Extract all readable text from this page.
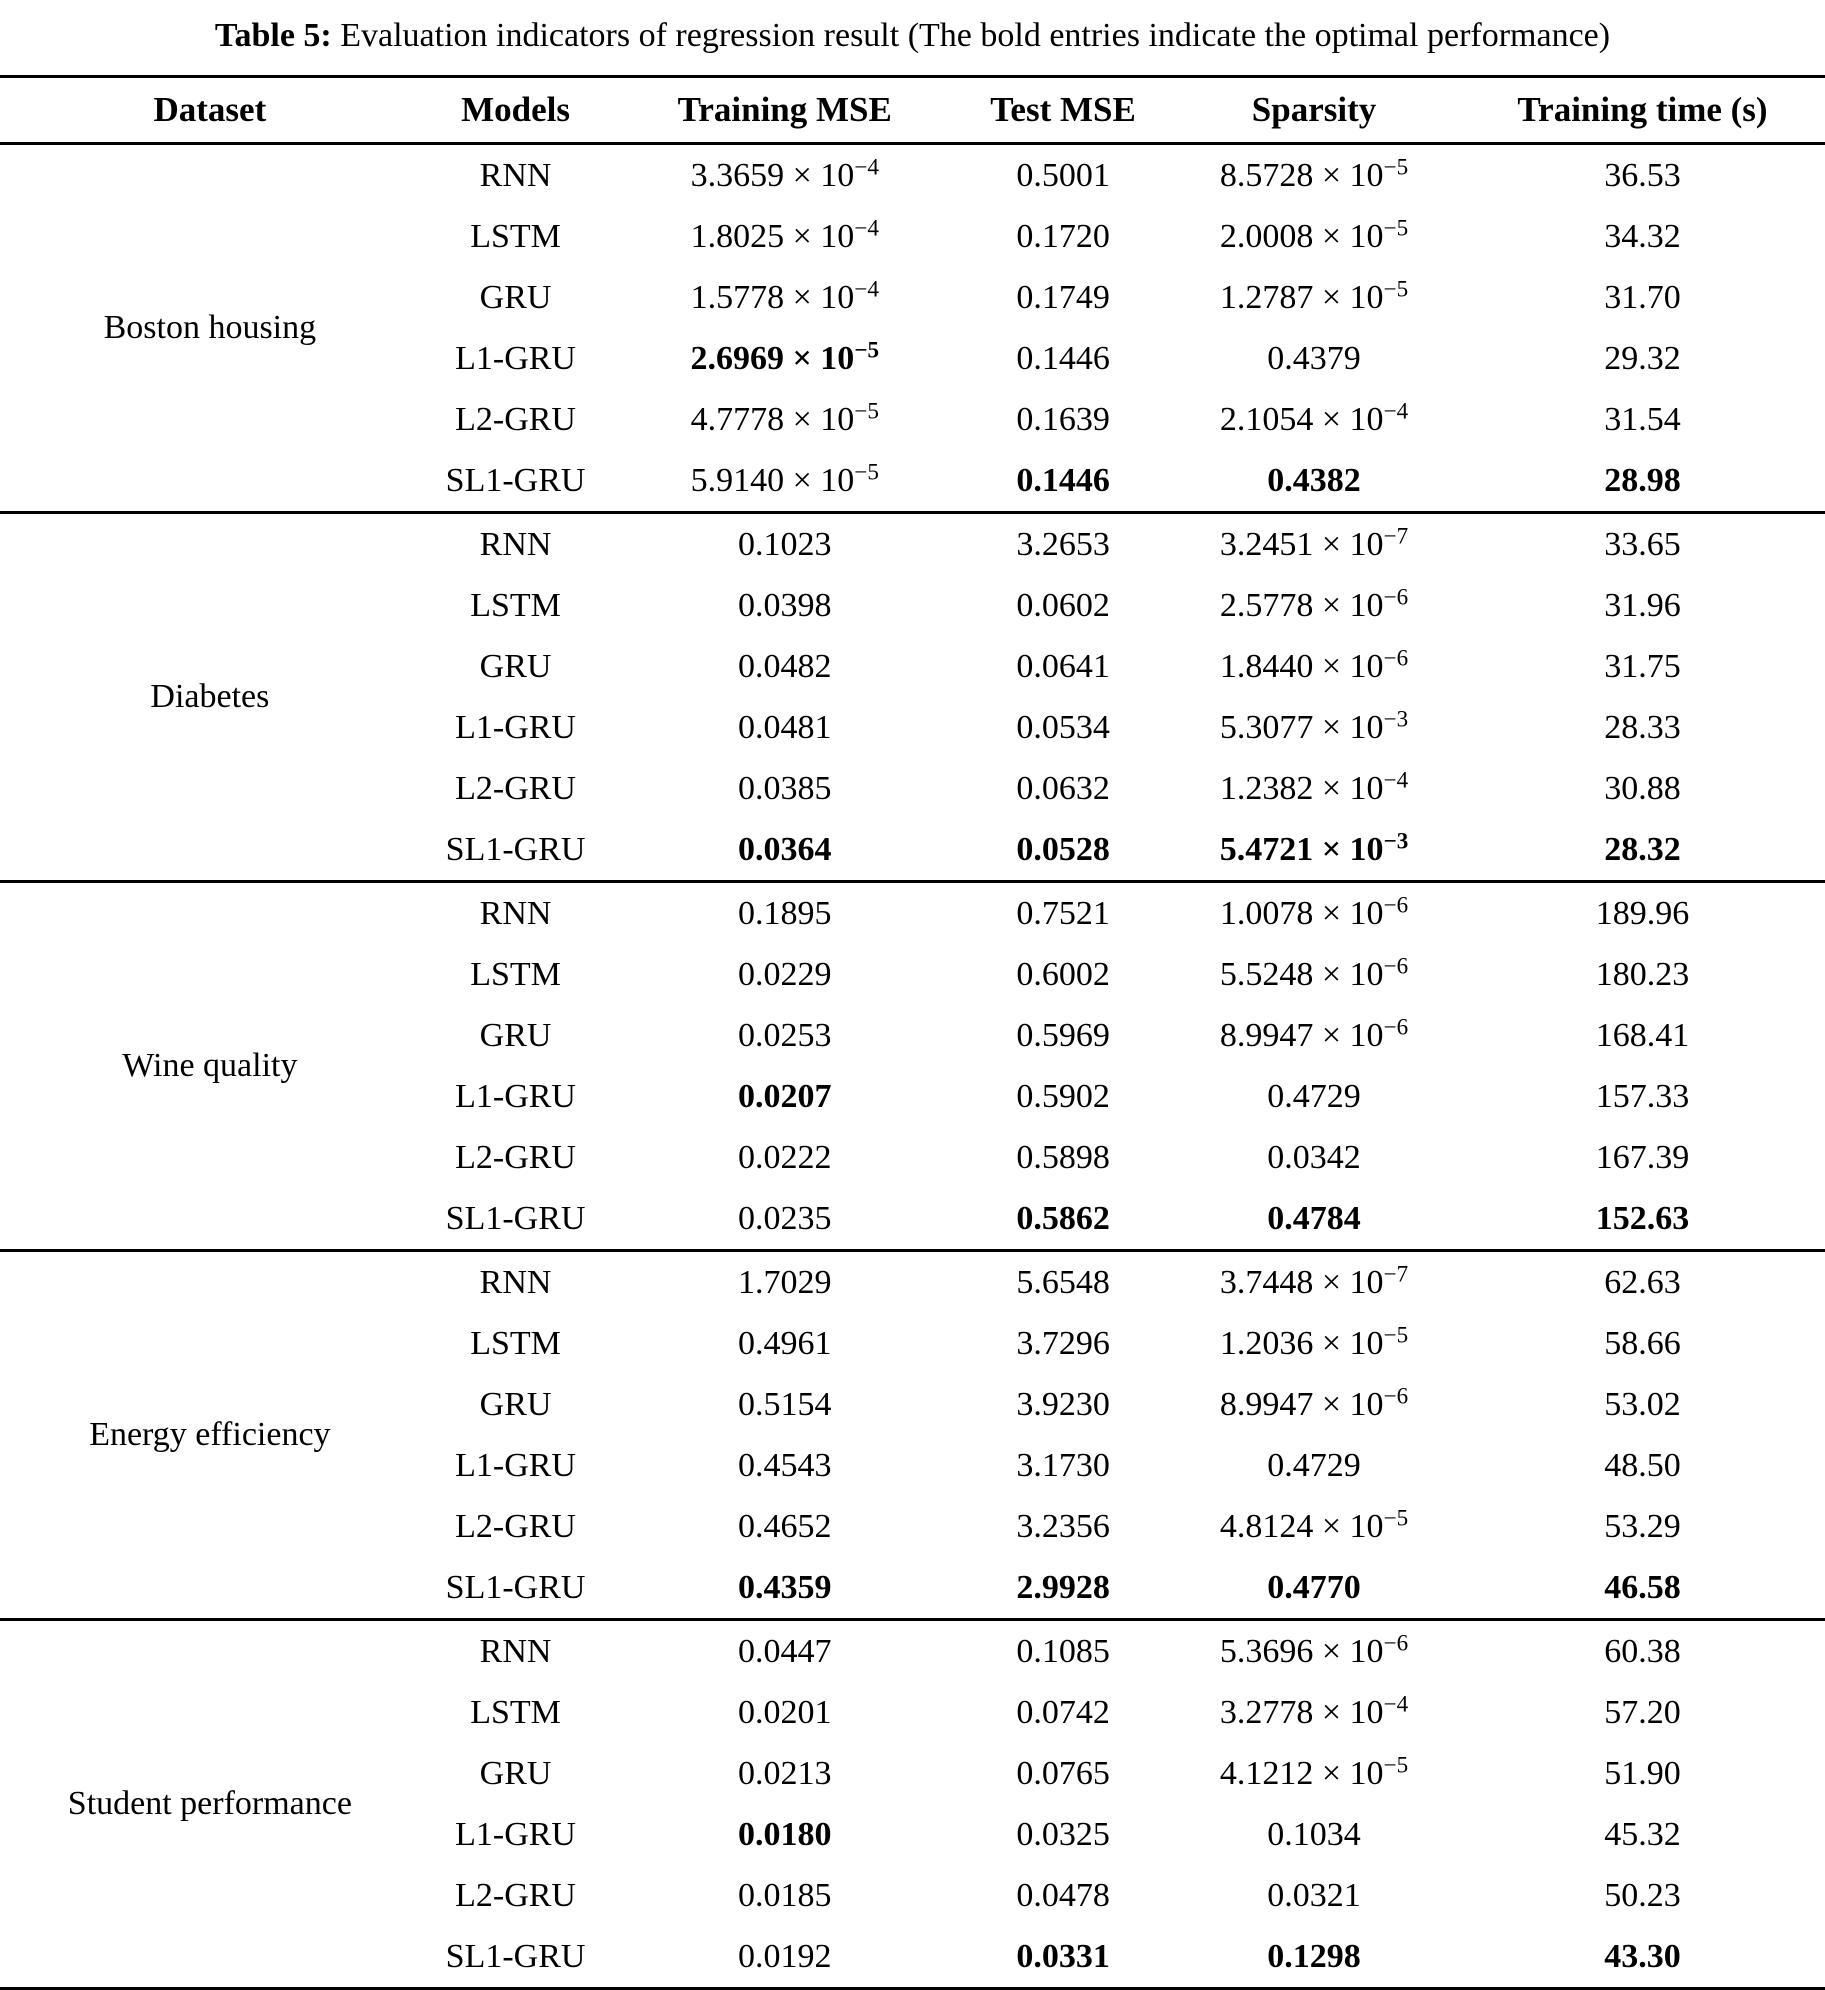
Table 5: Evaluation indicators of regression result (The bold entries indicate the optimal performance)
Dataset	Models	Training MSE	Test MSE	Sparsity	Training time (s)
Boston housing	RNN	$3.3659 \times 10^{-4}$	0.5001	$8.5728 \times 10^{-5}$	36.53
	LSTM	$1.8025 \times 10^{-4}$	0.1720	$2.0008 \times 10^{-5}$	34.32
	GRU	$1.5778 \times 10^{-4}$	0.1749	$1.2787 \times 10^{-5}$	31.70
	L1-GRU	$2.6969 \times 10^{-5}$	0.1446	0.4379	29.32
	L2-GRU	$4.7778 \times 10^{-5}$	0.1639	$2.1054 \times 10^{-4}$	31.54
	SL1-GRU	$5.9140 \times 10^{-5}$	0.1446	0.4382	28.98
Diabetes	RNN	0.1023	3.2653	$3.2451 \times 10^{-7}$	33.65
	LSTM	0.0398	0.0602	$2.5778 \times 10^{-6}$	31.96
	GRU	0.0482	0.0641	$1.8440 \times 10^{-6}$	31.75
	L1-GRU	0.0481	0.0534	$5.3077 \times 10^{-3}$	28.33
	L2-GRU	0.0385	0.0632	$1.2382 \times 10^{-4}$	30.88
	SL1-GRU	0.0364	0.0528	$5.4721 \times 10^{-3}$	28.32
Wine quality	RNN	0.1895	0.7521	$1.0078 \times 10^{-6}$	189.96
	LSTM	0.0229	0.6002	$5.5248 \times 10^{-6}$	180.23
	GRU	0.0253	0.5969	$8.9947 \times 10^{-6}$	168.41
	L1-GRU	0.0207	0.5902	0.4729	157.33
	L2-GRU	0.0222	0.5898	0.0342	167.39
	SL1-GRU	0.0235	0.5862	0.4784	152.63
Energy efficiency	RNN	1.7029	5.6548	$3.7448 \times 10^{-7}$	62.63
	LSTM	0.4961	3.7296	$1.2036 \times 10^{-5}$	58.66
	GRU	0.5154	3.9230	$8.9947 \times 10^{-6}$	53.02
	L1-GRU	0.4543	3.1730	0.4729	48.50
	L2-GRU	0.4652	3.2356	$4.8124 \times 10^{-5}$	53.29
	SL1-GRU	0.4359	2.9928	0.4770	46.58
Student performance	RNN	0.0447	0.1085	$5.3696 \times 10^{-6}$	60.38
	LSTM	0.0201	0.0742	$3.2778 \times 10^{-4}$	57.20
	GRU	0.0213	0.0765	$4.1212 \times 10^{-5}$	51.90
	L1-GRU	0.0180	0.0325	0.1034	45.32
	L2-GRU	0.0185	0.0478	0.0321	50.23
	SL1-GRU	0.0192	0.0331	0.1298	43.30
